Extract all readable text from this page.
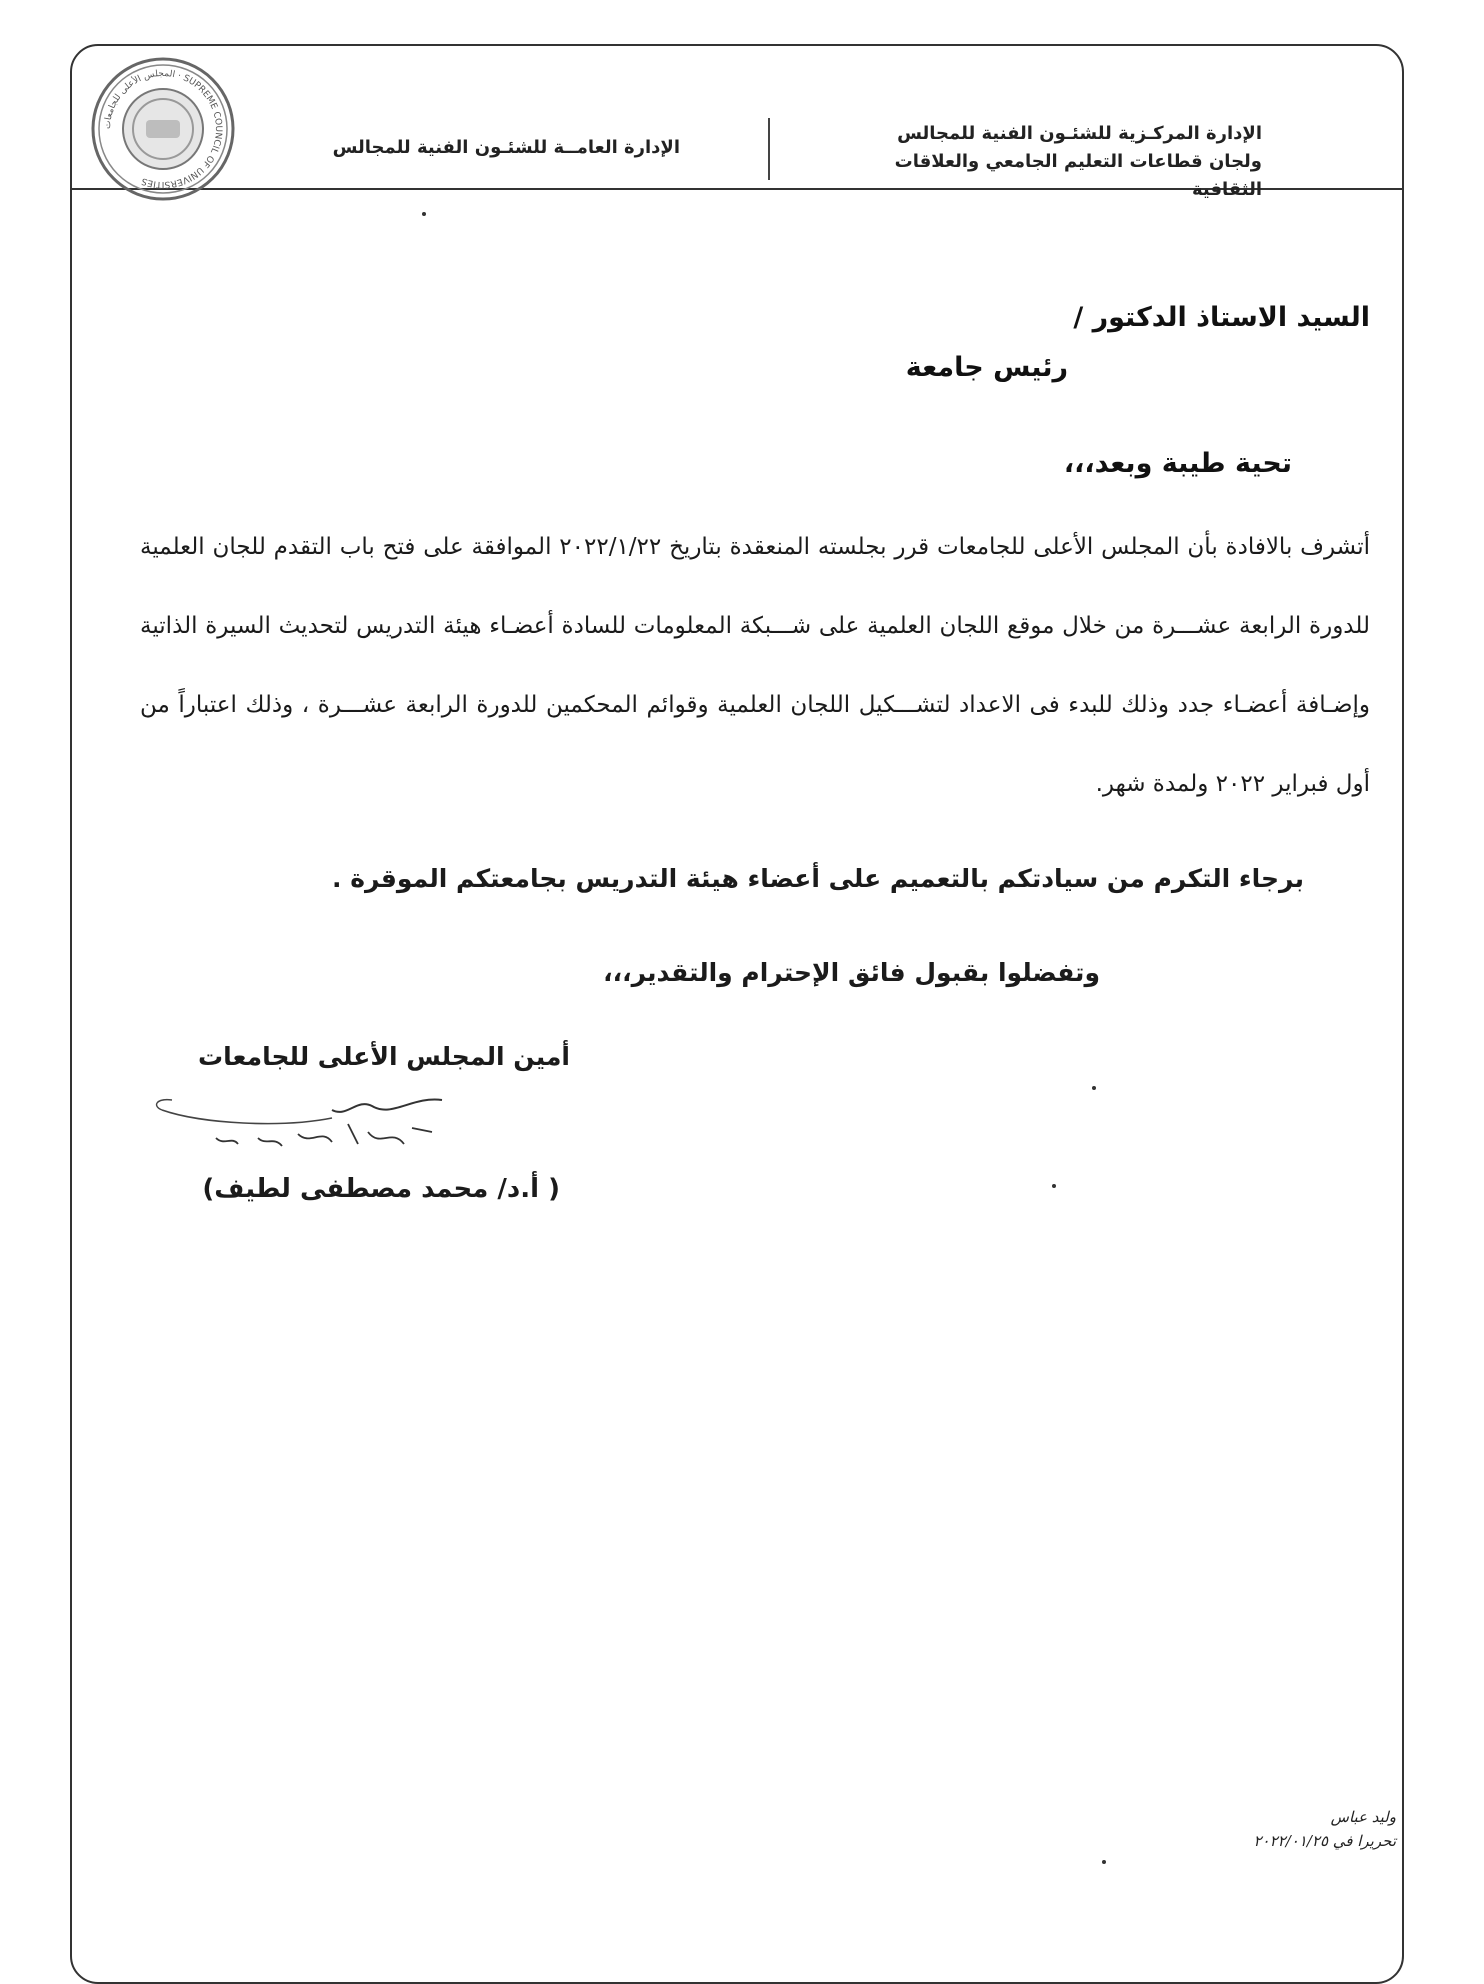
المجلس الأعلى للجامعات · SUPREME COUNCIL OF UNIVERSITIES
الإدارة المركـزية للشئـون الفنية للمجالس
ولجان قطاعات التعليم الجامعي والعلاقات الثقافية
الإدارة العامــة للشئـون الفنية للمجالس
السيد الاستاذ الدكتور /
رئيس جامعة
تحية طيبة وبعد،،،
أتشرف بالافادة بأن المجلس الأعلى للجامعات قرر بجلسته المنعقدة بتاريخ ٢٠٢٢/١/٢٢ الموافقة على فتح باب التقدم للجان العلمية للدورة الرابعة عشـــرة من خلال موقع اللجان العلمية على شـــبكة المعلومات للسادة أعضـاء هيئة التدريس لتحديث السيرة الذاتية وإضـافة أعضـاء جدد وذلك للبدء فى الاعداد لتشـــكيل اللجان العلمية وقوائم المحكمين للدورة الرابعة عشـــرة ، وذلك اعتباراً من أول فبراير ٢٠٢٢ ولمدة شهر.
برجاء التكرم من سيادتكم بالتعميم على أعضاء هيئة التدريس بجامعتكم الموقرة .
وتفضلوا بقبول فائق الإحترام والتقدير،،،
أمين المجلس الأعلى للجامعات
( أ.د/ محمد مصطفى لطيف)
وليد عباس
تحريرا في ٢٠٢٢/٠١/٢٥
